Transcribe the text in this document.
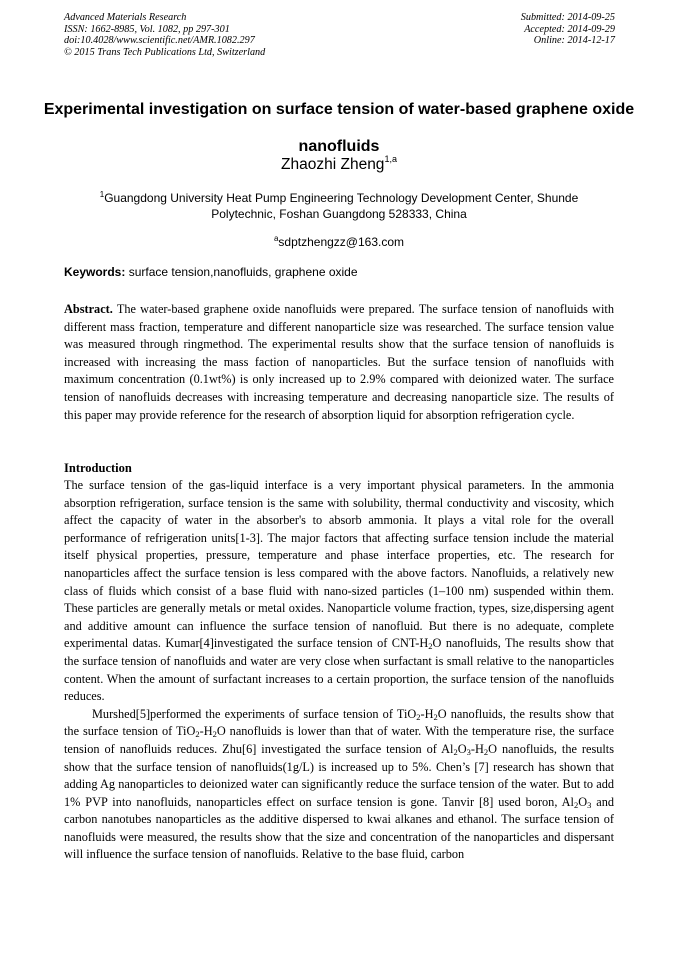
Advanced Materials Research
ISSN: 1662-8985, Vol. 1082, pp 297-301
doi:10.4028/www.scientific.net/AMR.1082.297
© 2015 Trans Tech Publications Ltd, Switzerland
Submitted: 2014-09-25
Accepted: 2014-09-29
Online: 2014-12-17
Experimental investigation on surface tension of water-based graphene oxide nanofluids
Zhaozhi Zheng$^{1,a}$
$^1$Guangdong University Heat Pump Engineering Technology Development Center, Shunde Polytechnic, Foshan Guangdong 528333, China
$^a$sdptzhengzz@163.com
Keywords: surface tension,nanofluids, graphene oxide

Abstract. The water-based graphene oxide nanofluids were prepared. The surface tension of nanofluids with different mass fraction, temperature and different nanoparticle size was researched. The surface tension value was measured through ringmethod. The experimental results show that the surface tension of nanofluids is increased with increasing the mass faction of nanoparticles. But the surface tension of nanofluids with maximum concentration (0.1wt%) is only increased up to 2.9% compared with deionized water. The surface tension of nanofluids decreases with increasing temperature and decreasing nanoparticle size. The results of this paper may provide reference for the research of absorption liquid for absorption refrigeration cycle.

Introduction

The surface tension of the gas-liquid interface is a very important physical parameters. In the ammonia absorption refrigeration, surface tension is the same with solubility, thermal conductivity and viscosity, which affect the capacity of water in the absorber's to absorb ammonia. It plays a vital role for the overall performance of refrigeration units[1-3]. The major factors that affecting surface tension include the material itself physical properties, pressure, temperature and phase interface properties, etc. The research for nanoparticles affect the surface tension is less compared with the above factors. Nanofluids, a relatively new class of fluids which consist of a base fluid with nano-sized particles (1–100 nm) suspended within them. These particles are generally metals or metal oxides. Nanoparticle volume fraction, types, size,dispersing agent and additive amount can influence the surface tension of nanofluid. But there is no adequate, complete experimental datas. Kumar[4]investigated the surface tension of CNT-$H_2O$ nanofluids, The results show that the surface tension of nanofluids and water are very close when surfactant is small relative to the nanoparticles content. When the amount of surfactant increases to a certain proportion, the surface tension of the nanofluids reduces.

Murshed[5]performed the experiments of surface tension of $TiO_2-H_2O$ nanofluids, the results show that the surface tension of $TiO_2-H_2O$ nanofluids is lower than that of water. With the temperature rise, the surface tension of nanofluids reduces. Zhu[6] investigated the surface tension of $Al_2O_3-H_2O$ nanofluids, the results show that the surface tension of nanofluids(1g/L) is increased up to 5%. Chen’s [7] research has shown that adding Ag nanoparticles to deionized water can significantly reduce the surface tension of the water. But to add 1% PVP into nanofluids, nanoparticles effect on surface tension is gone. Tanvir [8] used boron, $Al_2O_3$ and carbon nanotubes nanoparticles as the additive dispersed to kwai alkanes and ethanol. The surface tension of nanofluids were measured, the results show that the size and concentration of the nanoparticles and dispersant will influence the surface tension of nanofluids. Relative to the base fluid, carbon
